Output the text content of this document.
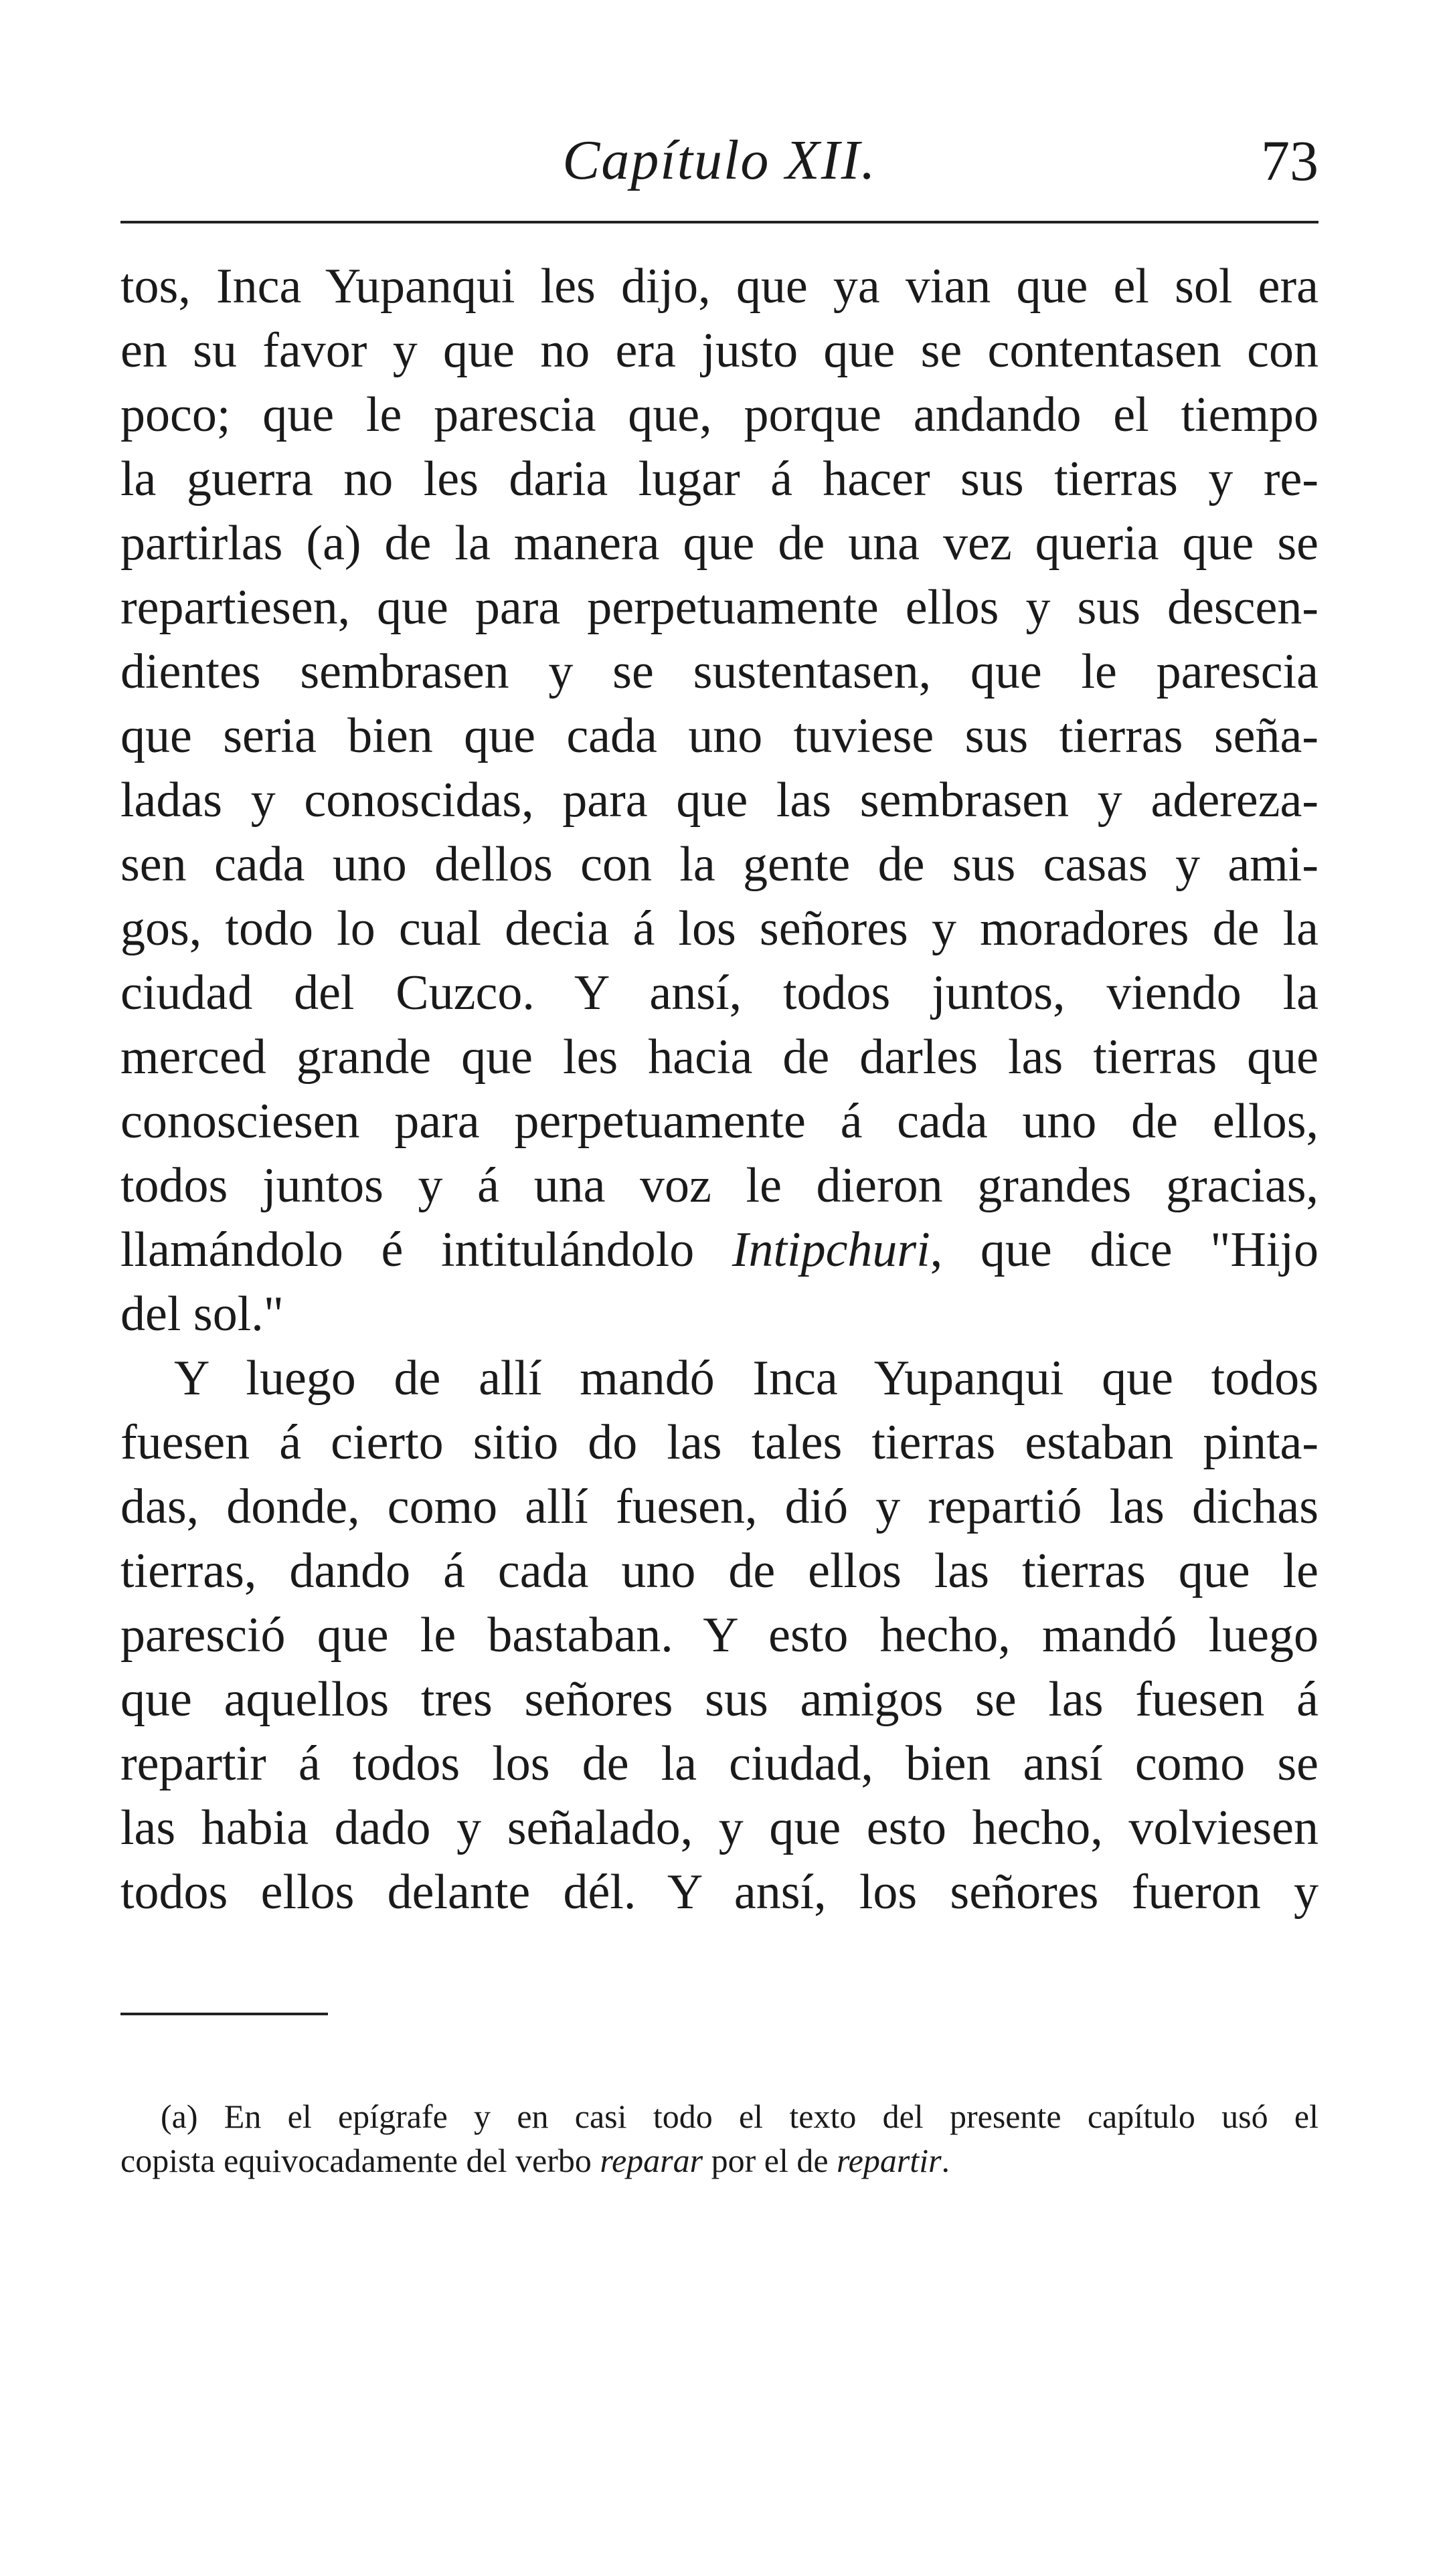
Capítulo XII.	73
tos, Inca Yupanqui les dijo, que ya vian que el sol era
en su favor y que no era justo que se contentasen con
poco; que le parescia que, porque andando el tiempo
la guerra no les daria lugar á hacer sus tierras y re-
partirlas (a) de la manera que de una vez queria que se
repartiesen, que para perpetuamente ellos y sus descen-
dientes sembrasen y se sustentasen, que le parescia
que seria bien que cada uno tuviese sus tierras seña-
ladas y conoscidas, para que las sembrasen y adereza-
sen cada uno dellos con la gente de sus casas y ami-
gos, todo lo cual decia á los señores y moradores de la
ciudad del Cuzco. Y ansí, todos juntos, viendo la
merced grande que les hacia de darles las tierras que
conosciesen para perpetuamente á cada uno de ellos,
todos juntos y á una voz le dieron grandes gracias,
llamándolo é intitulándolo Intipchuri, que dice "Hijo
del sol."
Y luego de allí mandó Inca Yupanqui que todos
fuesen á cierto sitio do las tales tierras estaban pinta-
das, donde, como allí fuesen, dió y repartió las dichas
tierras, dando á cada uno de ellos las tierras que le
paresció que le bastaban. Y esto hecho, mandó luego
que aquellos tres señores sus amigos se las fuesen á
repartir á todos los de la ciudad, bien ansí como se
las habia dado y señalado, y que esto hecho, volviesen
todos ellos delante dél. Y ansí, los señores fueron y
(a) En el epígrafe y en casi todo el texto del presente capítulo usó el
copista equivocadamente del verbo reparar por el de repartir.
